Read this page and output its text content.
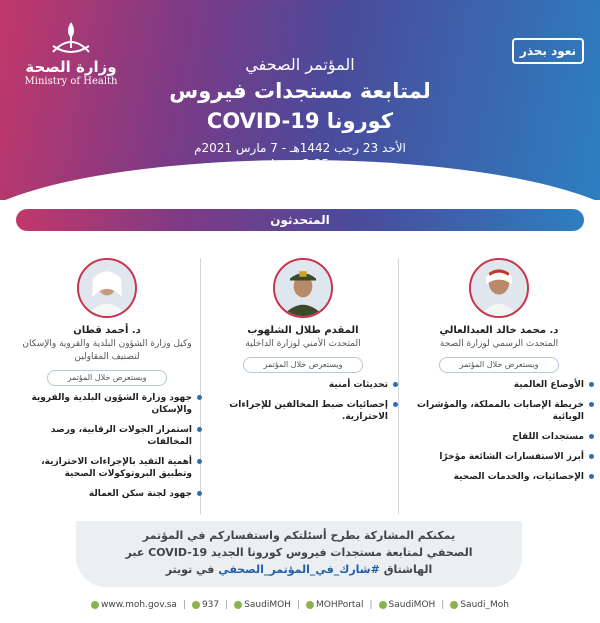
وزارة الصحة
Ministry of Health
نعود بحذر
المؤتمر الصحفي
لمتابعة مستجدات فيروس
كورونا COVID-19
الأحد 23 رجب 1442هـ - 7 مارس 2021م
3:35 عصرًا
المتحدثون
د. محمد خالد العبدالعالي
المتحدث الرسمي لوزارة الصحة
ويستعرض خلال المؤتمر
الأوضاع العالمية
خريطة الإصابات بالمملكة، والمؤشرات الوبائية
مستجدات اللقاح
أبرز الاستفسارات الشائعة مؤخرًا
الإحصائيات، والخدمات الصحية
المقدم طلال الشلهوب
المتحدث الأمني لوزارة الداخلية
ويستعرض خلال المؤتمر
تحديثات أمنية
إحصائيات ضبط المخالفين للإجراءات الاحترازية.
د. أحمد قطان
وكيل وزارة الشؤون البلدية والقروية والإسكان لتصنيف المقاولين
ويستعرض خلال المؤتمر
جهود وزارة الشؤون البلدية والقروية والإسكان
استمرار الجولات الرقابية، ورصد المخالفات
أهمية التقيد بالإجراءات الاحترازية، وتطبيق البروتوكولات الصحية
جهود لجنة سكن العمالة
يمكنكم المشاركة بطرح أسئلتكم واستفساركم في المؤتمر
الصحفي لمتابعة مستجدات فيروس كورونا الجديد COVID-19 عبر
الهاشتاق #شارك_في_المؤتمر_الصحفي في تويتر
www.moh.gov.sa |	937 |	SaudiMOH |	MOHPortal |	SaudiMOH |	Saudi_Moh
